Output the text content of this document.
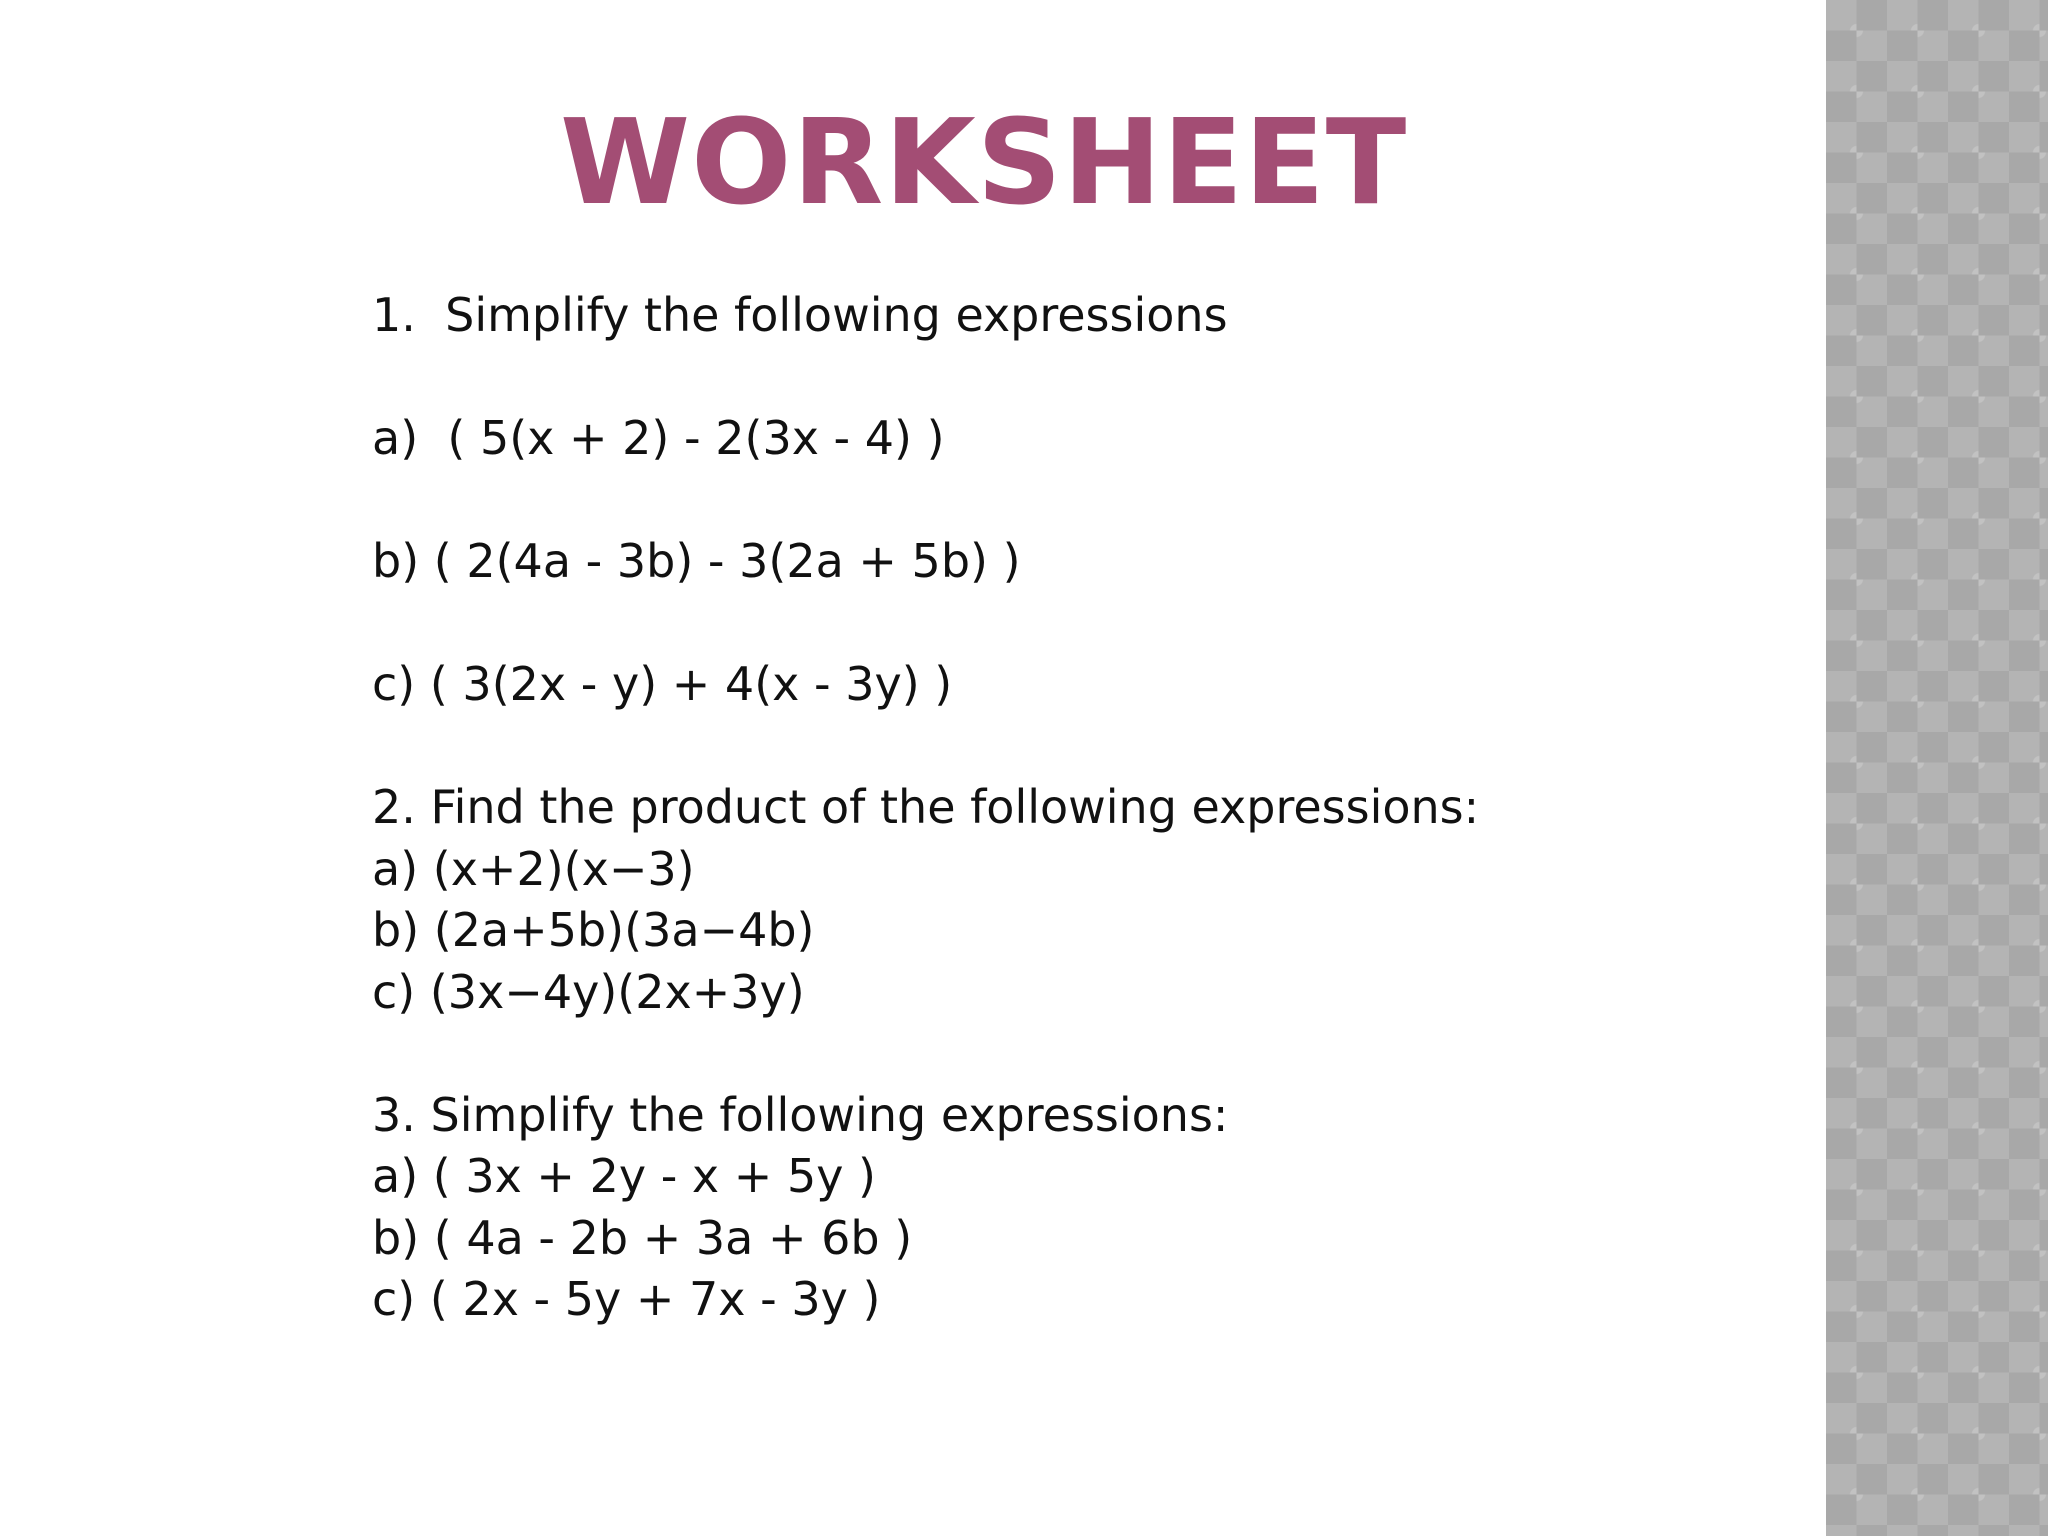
WORKSHEET
1.  Simplify the following expressions
a)  ( 5(x + 2) - 2(3x - 4) )
b) ( 2(4a - 3b) - 3(2a + 5b) )
c) ( 3(2x - y) + 4(x - 3y) )
2. Find the product of the following expressions:
a) (x+2)(x−3)
b) (2a+5b)(3a−4b)
c) (3x−4y)(2x+3y)
3. Simplify the following expressions:
a) ( 3x + 2y - x + 5y )
b) ( 4a - 2b + 3a + 6b )
c) ( 2x - 5y + 7x - 3y )
